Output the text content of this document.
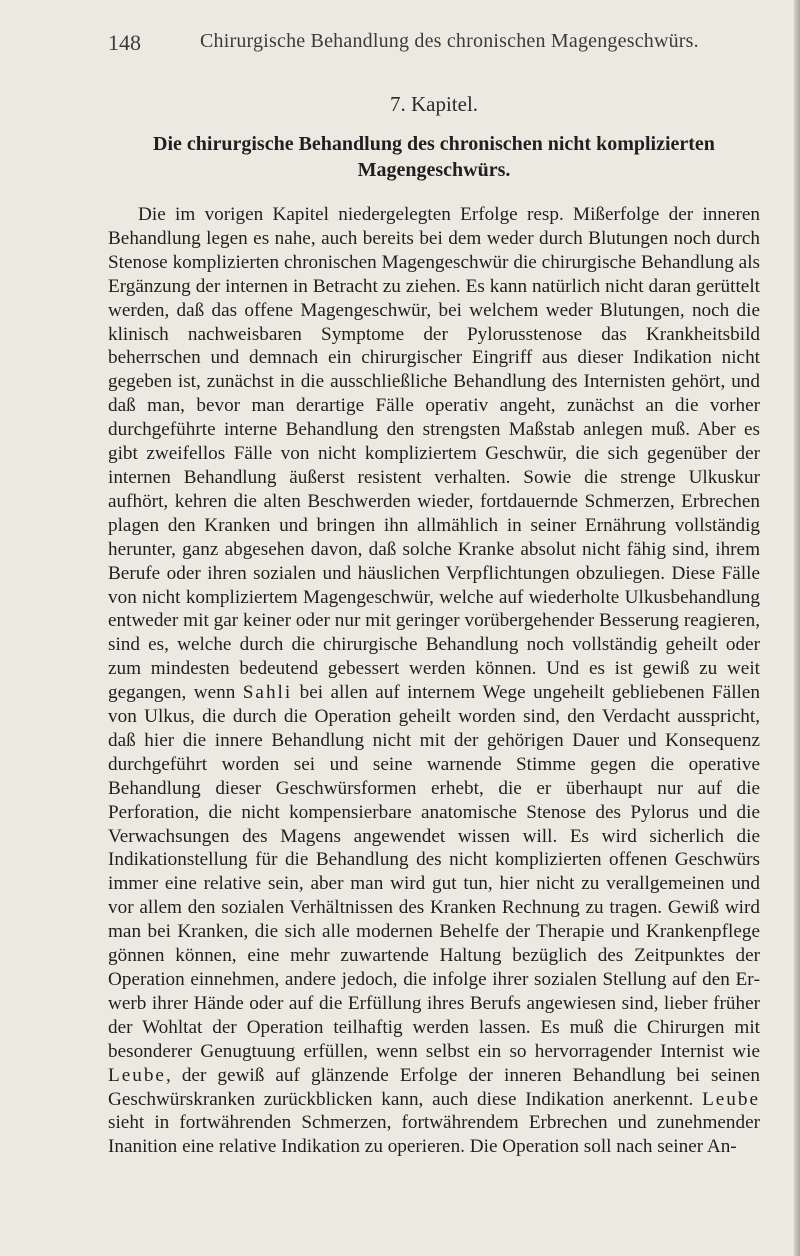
148	Chirurgische Behandlung des chronischen Magengeschwürs.
7. Kapitel.
Die chirurgische Behandlung des chronischen nicht komplizierten
Magengeschwürs.

Die im vorigen Kapitel niedergelegten Erfolge resp. Mißerfolge der inneren Behandlung legen es nahe, auch bereits bei dem weder durch Blutungen noch durch Stenose komplizierten chronischen Magengeschwür die chirurgische Behandlung als Ergänzung der internen in Betracht zu ziehen. Es kann natürlich nicht daran gerüttelt werden, daß das offene Magengeschwür, bei welchem weder Blutungen, noch die klinisch nachweisbaren Symptome der Pylorusstenose das Krankheitsbild beherrschen und demnach ein chirurgischer Eingriff aus dieser Indikation nicht gegeben ist, zunächst in die ausschließliche Behandlung des Internisten gehört, und daß man, bevor man derartige Fälle operativ angeht, zunächst an die vorher durchgeführte interne Behandlung den strengsten Maßstab anlegen muß. Aber es gibt zweifellos Fälle von nicht kompliziertem Geschwür, die sich gegenüber der internen Behandlung äußerst resistent verhalten. Sowie die strenge Ulkuskur aufhört, kehren die alten Beschwerden wieder, fortdauernde Schmerzen, Erbrechen plagen den Kranken und bringen ihn allmählich in seiner Ernährung vollständig herunter, ganz abgesehen davon, daß solche Kranke absolut nicht fähig sind, ihrem Berufe oder ihren sozialen und häuslichen Verpflichtungen obzuliegen. Diese Fälle von nicht kompliziertem Magengeschwür, welche auf wiederholte Ulkusbehandlung entweder mit gar keiner oder nur mit geringer vorübergehender Besserung reagieren, sind es, welche durch die chirurgische Behandlung noch vollständig geheilt oder zum mindesten bedeutend gebessert werden können. Und es ist gewiß zu weit gegangen, wenn Sahli bei allen auf internem Wege ungeheilt gebliebenen Fällen von Ulkus, die durch die Operation geheilt worden sind, den Verdacht ausspricht, daß hier die innere Behandlung nicht mit der gehörigen Dauer und Konsequenz durchgeführt worden sei und seine warnende Stimme gegen die operative Behandlung dieser Geschwürsformen erhebt, die er überhaupt nur auf die Perforation, die nicht kompensierbare anatomische Stenose des Pylorus und die Verwachsungen des Magens angewendet wissen will. Es wird sicherlich die Indikationstellung für die Behandlung des nicht komplizierten offenen Geschwürs immer eine relative sein, aber man wird gut tun, hier nicht zu verallgemeinen und vor allem den sozialen Verhältnissen des Kranken Rechnung zu tragen. Gewiß wird man bei Kranken, die sich alle modernen Behelfe der Therapie und Krankenpflege gönnen können, eine mehr zuwartende Haltung bezüglich des Zeitpunktes der Operation einnehmen, andere jedoch, die infolge ihrer sozialen Stellung auf den Erwerb ihrer Hände oder auf die Erfüllung ihres Berufs angewiesen sind, lieber früher der Wohltat der Operation teilhaftig werden lassen. Es muß die Chirurgen mit besonderer Genugtuung erfüllen, wenn selbst ein so hervorragender Internist wie Leube, der gewiß auf glänzende Erfolge der inneren Behandlung bei seinen Geschwürskranken zurückblicken kann, auch diese Indikation anerkennt. Leube sieht in fortwährenden Schmerzen, fortwährendem Erbrechen und zunehmender Inanition eine relative Indikation zu operieren. Die Operation soll nach seiner An-
